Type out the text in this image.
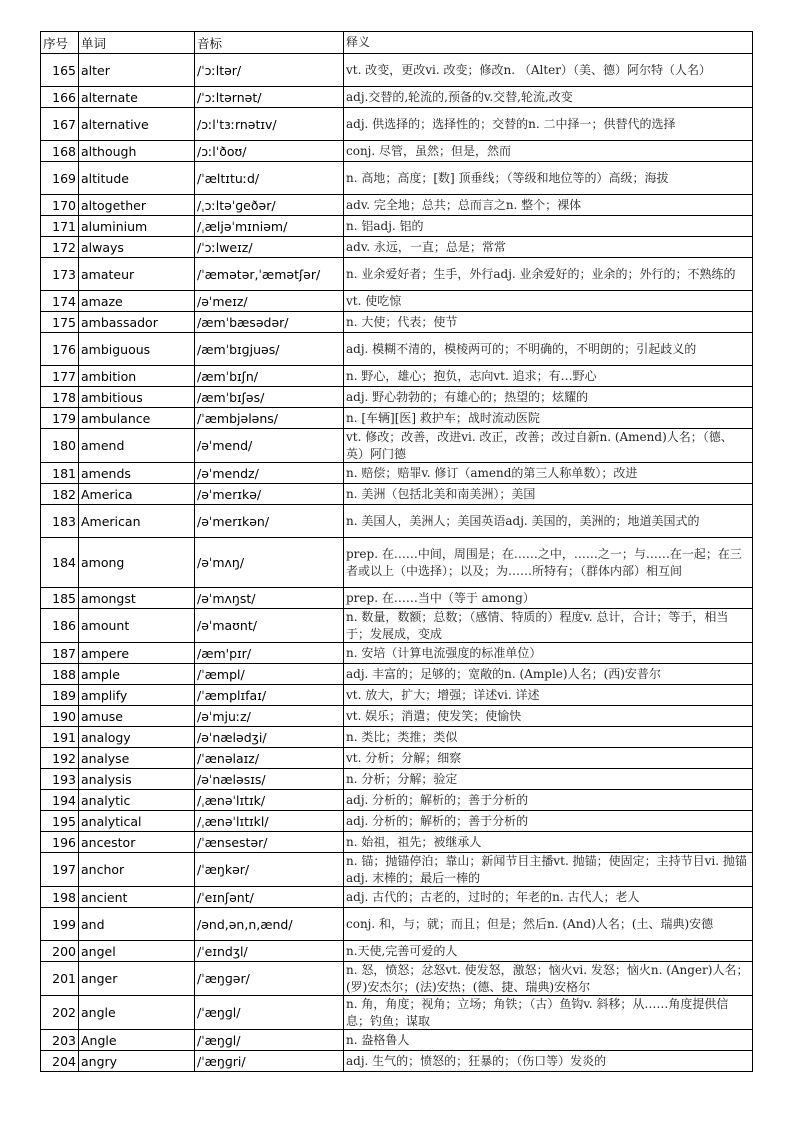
序号	单词	音标	释义
165	alter	/ˈɔːltər/	vt. 改变，更改vi. 改变；修改n. （Alter）（美、德）阿尔特（人名）
166	alternate	/ˈɔːltərnət/	adj.交替的,轮流的,预备的v.交替,轮流,改变
167	alternative	/ɔːlˈtɜːrnətɪv/	adj. 供选择的；选择性的；交替的n. 二中择一；供替代的选择
168	although	/ɔːlˈðoʊ/	conj. 尽管，虽然；但是，然而
169	altitude	/ˈæltɪtuːd/	n. 高地；高度；[数] 顶垂线；（等级和地位等的）高级；海拔
170	altogether	/ˌɔːltəˈɡeðər/	adv. 完全地；总共；总而言之n. 整个；裸体
171	aluminium	/ˌæljəˈmɪniəm/	n. 铝adj. 铝的
172	always	/ˈɔːlweɪz/	adv. 永远，一直；总是；常常
173	amateur	/ˈæmətər,ˈæmətʃər/	n. 业余爱好者；生手，外行adj. 业余爱好的；业余的；外行的；不熟练的
174	amaze	/əˈmeɪz/	vt. 使吃惊
175	ambassador	/æmˈbæsədər/	n. 大使；代表；使节
176	ambiguous	/æmˈbɪɡjuəs/	adj. 模糊不清的，模棱两可的；不明确的，不明朗的；引起歧义的
177	ambition	/æmˈbɪʃn/	n. 野心，雄心；抱负，志向vt. 追求；有…野心
178	ambitious	/æmˈbɪʃəs/	adj. 野心勃勃的；有雄心的；热望的；炫耀的
179	ambulance	/ˈæmbjələns/	n. [车辆][医] 救护车；战时流动医院
180	amend	/əˈmend/	vt. 修改；改善，改进vi. 改正，改善；改过自新n. (Amend)人名；（德、英）阿门德
181	amends	/əˈmendz/	n. 赔偿；赔罪v. 修订（amend的第三人称单数）；改进
182	America	/əˈmerɪkə/	n. 美洲（包括北美和南美洲）；美国
183	American	/əˈmerɪkən/	n. 美国人，美洲人；美国英语adj. 美国的，美洲的；地道美国式的
184	among	/əˈmʌŋ/	prep. 在……中间，周围是；在……之中，……之一；与……在一起；在三者或以上（中选择）；以及；为……所特有；（群体内部）相互间
185	amongst	/əˈmʌŋst/	prep. 在……当中（等于 among）
186	amount	/əˈmaʊnt/	n. 数量，数额；总数；（感情、特质的）程度v. 总计，合计；等于，相当于；发展成，变成
187	ampere	/æm'pɪr/	n. 安培（计算电流强度的标准单位）
188	ample	/ˈæmpl/	adj. 丰富的；足够的；宽敞的n. (Ample)人名；(西)安普尔
189	amplify	/ˈæmplɪfaɪ/	vt. 放大，扩大；增强；详述vi. 详述
190	amuse	/əˈmjuːz/	vt. 娱乐；消遣；使发笑；使愉快
191	analogy	/əˈnælədʒi/	n. 类比；类推；类似
192	analyse	/ˈænəlaɪz/	vt. 分析；分解；细察
193	analysis	/əˈnæləsɪs/	n. 分析；分解；验定
194	analytic	/ˌænəˈlɪtɪk/	adj. 分析的；解析的；善于分析的
195	analytical	/ˌænəˈlɪtɪkl/	adj. 分析的；解析的；善于分析的
196	ancestor	/ˈænsestər/	n. 始祖，祖先；被继承人
197	anchor	/ˈæŋkər/	n. 锚；抛锚停泊；靠山；新闻节目主播vt. 抛锚；使固定；主持节目vi. 抛锚adj. 末棒的；最后一棒的
198	ancient	/ˈeɪnʃənt/	adj. 古代的；古老的，过时的；年老的n. 古代人；老人
199	and	/ənd,ən,n,ænd/	conj. 和，与；就；而且；但是；然后n. (And)人名；(土、瑞典)安德
200	angel	/ˈeɪndʒl/	n.天使,完善可爱的人
201	anger	/ˈæŋɡər/	n. 怒，愤怒；忿怒vt. 使发怒，激怒；恼火vi. 发怒；恼火n. (Anger)人名；(罗)安杰尔；(法)安热；(德、捷、瑞典)安格尔
202	angle	/ˈæŋɡl/	n. 角，角度；视角；立场；角铁；（古）鱼钩v. 斜移；从……角度提供信息；钓鱼；谋取
203	Angle	/ˈæŋɡl/	n. 盎格鲁人
204	angry	/ˈæŋɡri/	adj. 生气的；愤怒的；狂暴的；（伤口等）发炎的
